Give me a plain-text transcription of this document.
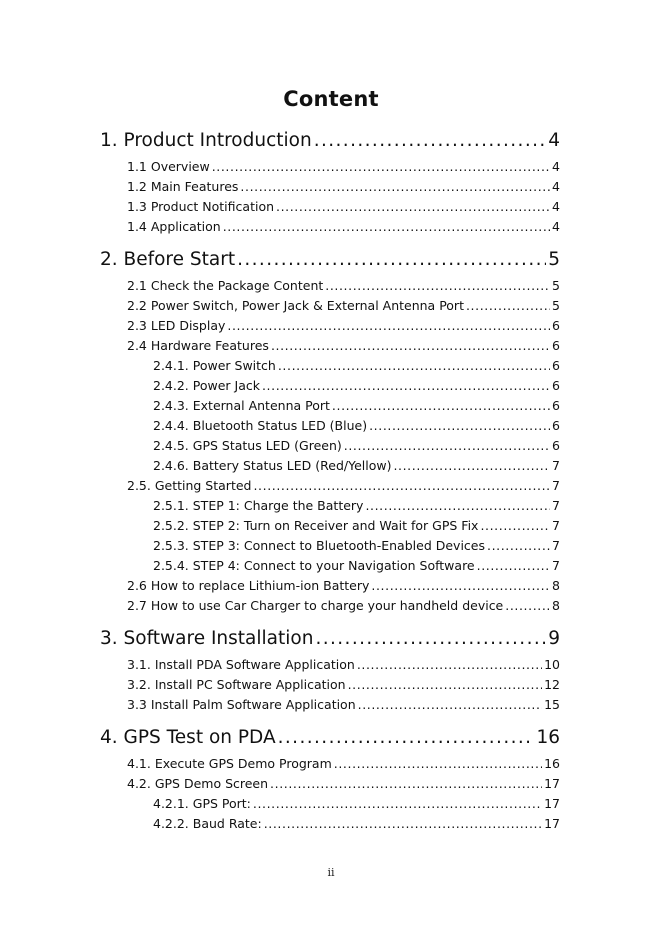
Content
1. Product Introduction .....	4
1.1 Overview .....	4
1.2 Main Features .....	4
1.3 Product Notification .....	4
1.4 Application .....	4
2. Before Start .....	5
2.1 Check the Package Content .....	5
2.2 Power Switch, Power Jack & External Antenna Port .....	5
2.3 LED Display .....	6
2.4 Hardware Features .....	6
2.4.1. Power Switch .....	6
2.4.2. Power Jack .....	6
2.4.3. External Antenna Port .....	6
2.4.4. Bluetooth Status LED (Blue) .....	6
2.4.5. GPS Status LED (Green) .....	6
2.4.6. Battery Status LED (Red/Yellow) .....	7
2.5. Getting Started .....	7
2.5.1. STEP 1: Charge the Battery .....	7
2.5.2. STEP 2: Turn on Receiver and Wait for GPS Fix .....	7
2.5.3. STEP 3: Connect to Bluetooth-Enabled Devices .....	7
2.5.4. STEP 4: Connect to your Navigation Software .....	7
2.6 How to replace Lithium-ion Battery .....	8
2.7 How to use Car Charger to charge your handheld device .....	8
3. Software Installation .....	9
3.1. Install PDA Software Application .....	10
3.2. Install PC Software Application .....	12
3.3 Install Palm Software Application .....	15
4. GPS Test on PDA .....	16
4.1. Execute GPS Demo Program .....	16
4.2. GPS Demo Screen .....	17
4.2.1. GPS Port: .....	17
4.2.2. Baud Rate: .....	17
ii
